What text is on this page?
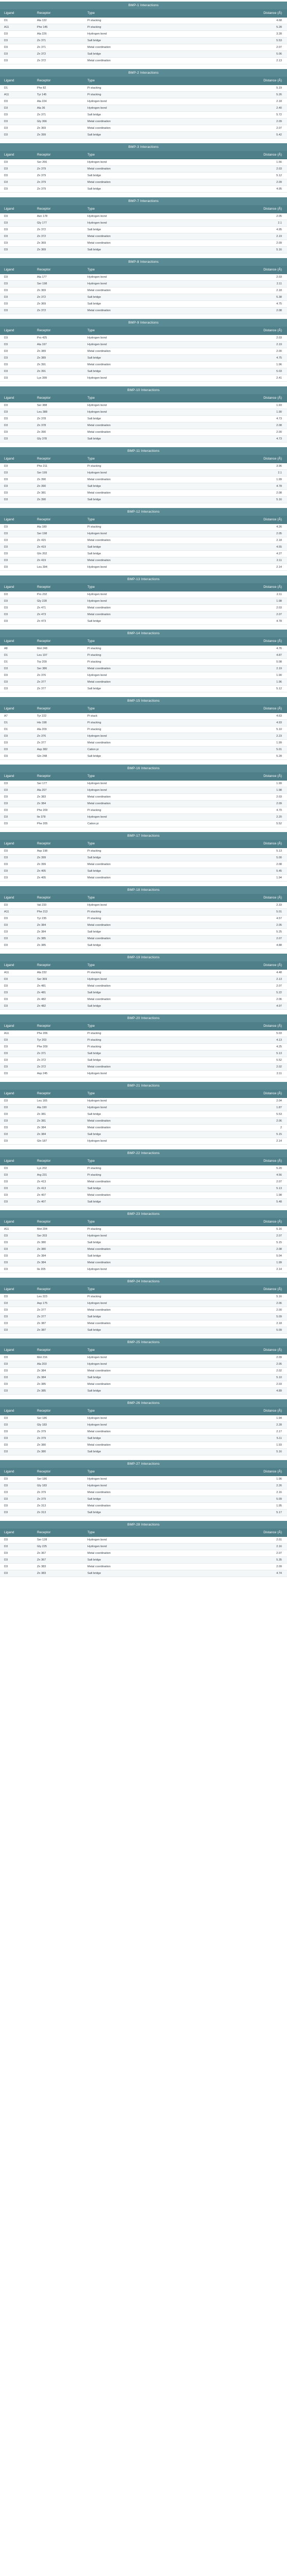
BMP-1 Interactions
Ligand	Receptor	Type	Distance (Å)
D1	Ala 132	Pi stacking	4.68
A11	Phe 145	Pi stacking	5.28
D3	Ala 226	Hydrogen bond	3.28
D3	Zn 371	Salt bridge	5.53
D3	Zn 371	Metal coordination	2.07
D3	Zn 372	Salt bridge	5.06
D3	Zn 372	Metal coordination	2.13
BMP-2 Interactions
Ligand	Receptor	Type	Distance (Å)
D1	Phe 82	Pi stacking	5.19
A11	Tyr 145	Pi stacking	5.26
D3	Ala 224	Hydrogen bond	2.18
D3	Ala 36	Hydrogen bond	2.40
D3	Zn 371	Salt bridge	5.72
D3	Gly 366	Metal coordination	2.09
D3	Zn 369	Metal coordination	2.07
D3	Zn 399	Salt bridge	5.42
BMP-3 Interactions
Ligand	Receptor	Type	Distance (Å)
D3	Ser 266	Hydrogen bond	1.56
D3	Zn 379	Metal coordination	2.03
D3	Zn 379	Salt bridge	5.12
D3	Zn 379	Metal coordination	2.09
D3	Zn 379	Salt bridge	4.95
BMP-7 Interactions
Ligand	Receptor	Type	Distance (Å)
D3	Asn 178	Hydrogen bond	2.05
D3	Gly 177	Hydrogen bond	2.1
D3	Zn 372	Salt bridge	4.95
D3	Zn 372	Metal coordination	2.19
D3	Zn 369	Metal coordination	2.09
D3	Zn 369	Salt bridge	5.16
BMP-8 Interactions
Ligand	Receptor	Type	Distance (Å)
D3	Ala 177	Hydrogen bond	2.03
D3	Ser 198	Hydrogen bond	2.11
D3	Zn 369	Metal coordination	2.18
D3	Zn 372	Salt bridge	5.38
D3	Zn 369	Salt bridge	4.75
D3	Zn 372	Metal coordination	2.08
BMP-9 Interactions
Ligand	Receptor	Type	Distance (Å)
D3	Pro 425	Hydrogen bond	2.03
D3	Ala 197	Hydrogen bond	2.19
D3	Zn 389	Metal coordination	2.00
D3	Zn 389	Salt bridge	4.75
D3	Zn 391	Metal coordination	1.96
D3	Zn 391	Salt bridge	5.03
D3	Lys 399	Hydrogen bond	2.41
BMP-10 Interactions
Ligand	Receptor	Type	Distance (Å)
D3	Ser 388	Hydrogen bond	1.93
D3	Leu 388	Hydrogen bond	1.90
D3	Zn 378	Salt bridge	4.73
D3	Zn 378	Metal coordination	2.08
D3	Zn 390	Metal coordination	2.00
D3	Gly 378	Salt bridge	4.73
BMP-11 Interactions
Ligand	Receptor	Type	Distance (Å)
D3	Phe 211	Pi stacking	3.96
D3	Ser 199	Hydrogen bond	2.1
D3	Zn 390	Metal coordination	1.99
D3	Zn 390	Salt bridge	4.78
D3	Zn 381	Metal coordination	2.08
D3	Zn 390	Salt bridge	5.16
BMP-12 Interactions
Ligand	Receptor	Type	Distance (Å)
D3	Ala 189	Pi stacking	4.26
D3	Ser 198	Hydrogen bond	2.05
D3	Zn 415	Metal coordination	2.18
D3	Zn 419	Salt bridge	4.55
D3	Gln 202	Salt bridge	4.27
D3	Zn 419	Metal coordination	2.11
D3	Leu 394	Hydrogen bond	2.14
BMP-13 Interactions
Ligand	Receptor	Type	Distance (Å)
D3	Pro 232	Hydrogen bond	2.11
D3	Gly 228	Hydrogen bond	1.98
D3	Zn 471	Metal coordination	2.03
D3	Zn 473	Metal coordination	2.07
D3	Zn 473	Salt bridge	4.78
BMP-14 Interactions
Ligand	Receptor	Type	Distance (Å)
A8	Met 248	Pi stacking	4.76
D1	Leu 197	Pi stacking	4.87
D1	Trp 209	Pi stacking	5.08
D3	Ser 386	Metal coordination	2.19
D3	Zn 376	Hydrogen bond	1.90
D3	Zn 377	Metal coordination	1.96
D3	Zn 377	Salt bridge	5.12
BMP-15 Interactions
Ligand	Receptor	Type	Distance (Å)
A7	Tyr 222	Pi stack	4.63
D1	His 198	Pi stacking	4.93
D1	Ala 209	Pi stacking	5.10
D3	Zn 376	Hydrogen bond	2.23
D3	Zn 377	Metal coordination	1.99
D3	Asp 382	Cation pi	5.01
D3	Gln 248	Salt bridge	5.28
BMP-16 Interactions
Ligand	Receptor	Type	Distance (Å)
D3	Ser 177	Hydrogen bond	1.99
D3	Ala 207	Hydrogen bond	1.98
D3	Zn 383	Metal coordination	2.03
D3	Zn 384	Metal coordination	2.09
D3	Phe 209	Pi stacking	4.70
D3	Ile 378	Hydrogen bond	2.20
D3	Phe 205	Cation pi	5.52
BMP-17 Interactions
Ligand	Receptor	Type	Distance (Å)
D3	Asp 198	Pi stacking	5.13
D3	Zn 399	Salt bridge	5.00
D3	Zn 399	Metal coordination	2.08
D3	Zn 405	Salt bridge	5.45
D3	Zn 405	Metal coordination	1.94
BMP-18 Interactions
Ligand	Receptor	Type	Distance (Å)
D3	Val 233	Hydrogen bond	2.33
A11	Phe 213	Pi stacking	5.01
D3	Tyr 235	Pi stacking	4.57
D3	Zn 384	Metal coordination	2.05
D3	Zn 384	Salt bridge	5.25
D3	Zn 385	Metal coordination	2.07
D3	Zn 385	Salt bridge	4.88
BMP-19 Interactions
Ligand	Receptor	Type	Distance (Å)
A11	Ala 232	Pi stacking	4.48
D3	Ser 369	Hydrogen bond	2.13
D3	Zn 481	Metal coordination	2.07
D3	Zn 481	Salt bridge	5.22
D3	Zn 482	Metal coordination	2.06
D3	Zn 482	Salt bridge	4.97
BMP-20 Interactions
Ligand	Receptor	Type	Distance (Å)
A11	Phe 206	Pi stacking	5.03
D3	Tyr 203	Pi stacking	4.13
D3	Phe 209	Pi stacking	4.25
D3	Zn 371	Salt bridge	5.13
D3	Zn 372	Salt bridge	5.52
D3	Zn 372	Metal coordination	2.02
D3	Asp 245	Hydrogen bond	2.11
BMP-21 Interactions
Ligand	Receptor	Type	Distance (Å)
D3	Leu 165	Hydrogen bond	2.04
D3	Ala 190	Hydrogen bond	1.87
D3	Zn 381	Salt bridge	5.53
D3	Zn 381	Metal coordination	2.06
D3	Zn 384	Metal coordination	2
D3	Zn 384	Salt bridge	5.15
D3	Gln 187	Hydrogen bond	2.14
BMP-22 Interactions
Ligand	Receptor	Type	Distance (Å)
D3	Lys 202	Pi stacking	5.20
D3	Arg 231	Pi stacking	4.56
D3	Zn 413	Metal coordination	2.07
D3	Zn 413	Salt bridge	5.13
D3	Zn 407	Metal coordination	1.98
D3	Zn 407	Salt bridge	5.48
BMP-23 Interactions
Ligand	Receptor	Type	Distance (Å)
A11	Met 204	Pi stacking	5.16
D3	Ser 203	Hydrogen bond	2.07
D3	Zn 380	Salt bridge	5.15
D3	Zn 380	Metal coordination	2.08
D3	Zn 384	Salt bridge	5.04
D3	Zn 384	Metal coordination	1.99
D3	Ile 205	Hydrogen bond	2.14
BMP-24 Interactions
Ligand	Receptor	Type	Distance (Å)
D3	Leu 223	Pi stacking	5.16
D3	Asp 175	Hydrogen bond	2.06
D3	Zn 377	Metal coordination	2.00
D3	Zn 377	Salt bridge	5.09
D3	Zn 387	Metal coordination	2.18
D3	Zn 387	Salt bridge	5.09
BMP-25 Interactions
Ligand	Receptor	Type	Distance (Å)
D3	Met 216	Hydrogen bond	2.09
D3	Ala 203	Hydrogen bond	2.05
D3	Zn 384	Metal coordination	2.02
D3	Zn 384	Salt bridge	5.10
D3	Zn 385	Metal coordination	2.03
D3	Zn 385	Salt bridge	4.89
BMP-26 Interactions
Ligand	Receptor	Type	Distance (Å)
D3	Ser 186	Hydrogen bond	1.94
D3	Gly 183	Hydrogen bond	2.28
D3	Zn 379	Metal coordination	2.17
D3	Zn 379	Salt bridge	5.11
D3	Zn 380	Metal coordination	1.93
D3	Zn 380	Salt bridge	5.16
BMP-27 Interactions
Ligand	Receptor	Type	Distance (Å)
D3	Ser 186	Hydrogen bond	1.96
D3	Gly 183	Hydrogen bond	2.26
D3	Zn 379	Metal coordination	2.16
D3	Zn 379	Salt bridge	5.09
D3	Zn 313	Metal coordination	1.95
D3	Zn 313	Salt bridge	5.17
BMP-28 Interactions
Ligand	Receptor	Type	Distance (Å)
D3	Ser 128	Hydrogen bond	2.01
D3	Gly 225	Hydrogen bond	2.16
D3	Zn 367	Metal coordination	2.07
D3	Zn 367	Salt bridge	5.35
D3	Zn 383	Metal coordination	2.09
D3	Zn 383	Salt bridge	4.74
